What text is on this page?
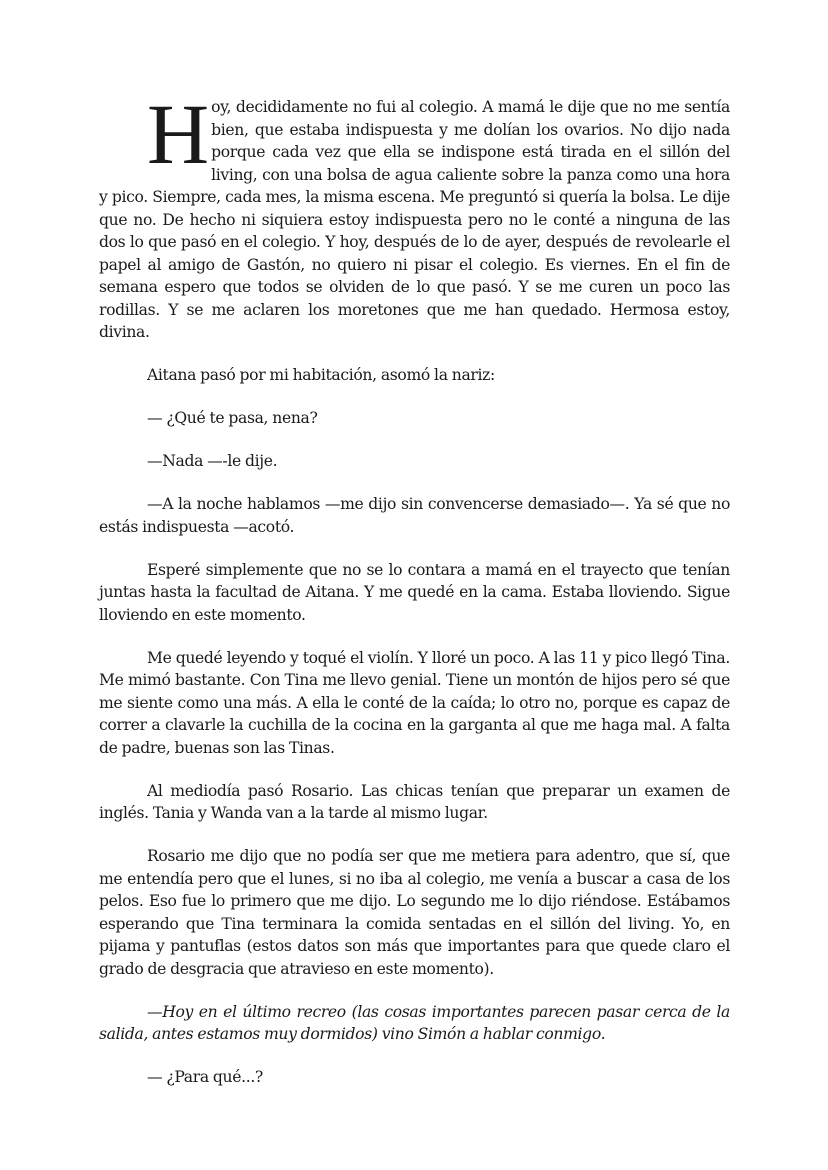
Hoy, decididamente no fui al colegio. A mamá le dije que no me sentía bien, que estaba indispuesta y me dolían los ovarios. No dijo nada porque cada vez que ella se indispone está tirada en el sillón del living, con una bolsa de agua caliente sobre la panza como una hora y pico. Siempre, cada mes, la misma escena. Me preguntó si quería la bolsa. Le dije que no. De hecho ni siquiera estoy indispuesta pero no le conté a ninguna de las dos lo que pasó en el colegio. Y hoy, después de lo de ayer, después de revolearle el papel al amigo de Gastón, no quiero ni pisar el colegio. Es viernes. En el fin de semana espero que todos se olviden de lo que pasó. Y se me curen un poco las rodillas. Y se me aclaren los moretones que me han quedado. Hermosa estoy, divina.

Aitana pasó por mi habitación, asomó la nariz:

— ¿Qué te pasa, nena?

—Nada —-le dije.

—A la noche hablamos —me dijo sin convencerse demasiado—. Ya sé que no estás indispuesta —acotó.

Esperé simplemente que no se lo contara a mamá en el trayecto que tenían juntas hasta la facultad de Aitana. Y me quedé en la cama. Estaba lloviendo. Sigue lloviendo en este momento.

Me quedé leyendo y toqué el violín. Y lloré un poco. A las 11 y pico llegó Tina. Me mimó bastante. Con Tina me llevo genial. Tiene un montón de hijos pero sé que me siente como una más. A ella le conté de la caída; lo otro no, porque es capaz de correr a clavarle la cuchilla de la cocina en la garganta al que me haga mal. A falta de padre, buenas son las Tinas.

Al mediodía pasó Rosario. Las chicas tenían que preparar un examen de inglés. Tania y Wanda van a la tarde al mismo lugar.

Rosario me dijo que no podía ser que me metiera para adentro, que sí, que me entendía pero que el lunes, si no iba al colegio, me venía a buscar a casa de los pelos. Eso fue lo primero que me dijo. Lo segundo me lo dijo riéndose. Estábamos esperando que Tina terminara la comida sentadas en el sillón del living. Yo, en pijama y pantuflas (estos datos son más que importantes para que quede claro el grado de desgracia que atravieso en este momento).

—Hoy en el último recreo (las cosas importantes parecen pasar cerca de la salida, antes estamos muy dormidos) vino Simón a hablar conmigo.

— ¿Para qué...?
